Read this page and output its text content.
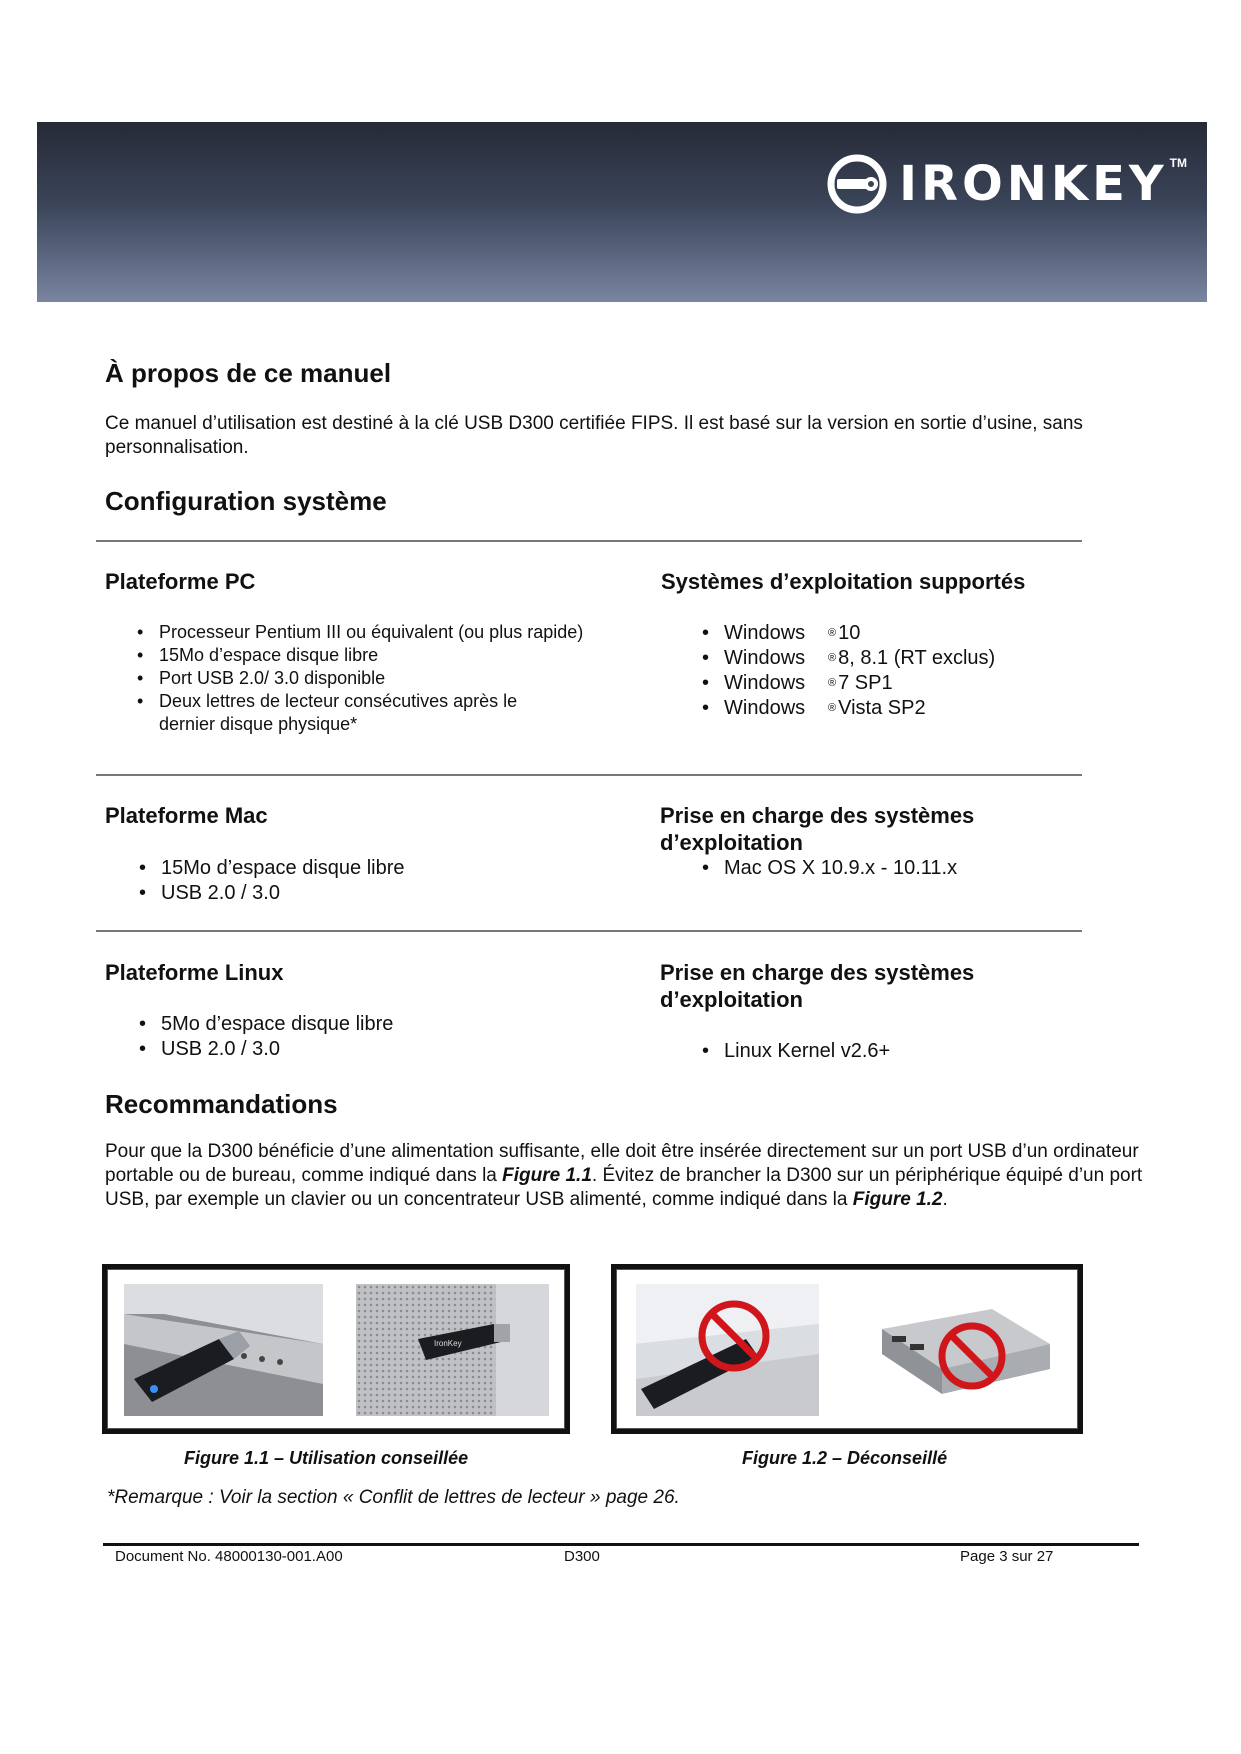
IRONKEY TM
À propos de ce manuel

Ce manuel d’utilisation est destiné à la clé USB D300 certifiée FIPS. Il est basé sur la version en sortie d’usine, sans personnalisation.

Configuration système
Plateforme PC
• Processeur Pentium III ou équivalent (ou plus rapide)
• 15Mo d’espace disque libre
• Port USB 2.0/ 3.0 disponible
• Deux lettres de lecteur consécutives après le dernier disque physique*
Systèmes d’exploitation supportés
• Windows	® 10
• Windows	® 8, 8.1 (RT exclus)
• Windows	® 7 SP1
• Windows	® Vista SP2
Plateforme Mac
• 15Mo d’espace disque libre
• USB 2.0 / 3.0
Prise en charge des systèmes d’exploitation
• Mac OS X 10.9.x - 10.11.x
Plateforme Linux
• 5Mo d’espace disque libre
• USB 2.0 / 3.0
Prise en charge des systèmes d’exploitation
• Linux Kernel v2.6+
Recommandations

Pour que la D300 bénéficie d’une alimentation suffisante, elle doit être insérée directement sur un port USB d’un ordinateur portable ou de bureau, comme indiqué dans la Figure 1.1. Évitez de brancher la D300 sur un périphérique équipé d’un port USB, par exemple un clavier ou un concentrateur USB alimenté, comme indiqué dans la Figure 1.2.

IronKey
Figure 1.1 – Utilisation conseillée	Figure 1.2 – Déconseillé
*Remarque : Voir la section « Conflit de lettres de lecteur » page 26.
Document No. 48000130-001.A00	D300	Page 3 sur 27
